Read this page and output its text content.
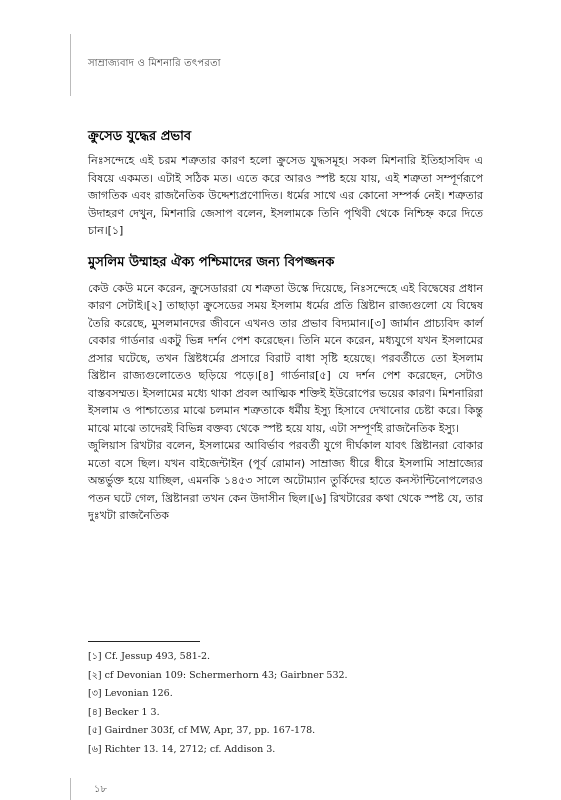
সাম্রাজ্যবাদ ও মিশনারি তৎপরতা
ক্রুসেড যুদ্ধের প্রভাব

নিঃসন্দেহে এই চরম শত্রুতার কারণ হলো ক্রুসেড যুদ্ধসমূহ। সকল মিশনারি ইতিহাসবিদ এ বিষয়ে একমত। এটাই সঠিক মত। এতে করে আরও স্পষ্ট হয়ে যায়, এই শত্রুতা সম্পূর্ণরূপে জাগতিক এবং রাজনৈতিক উদ্দেশ্যপ্রণোদিত। ধর্মের সাথে এর কোনো সম্পর্ক নেই। শত্রুতার উদাহরণ দেখুন, মিশনারি জেসাপ বলেন, ইসলামকে তিনি পৃথিবী থেকে নিশ্চিহ্ন করে দিতে চান।[১]

মুসলিম উম্মাহর ঐক্য পশ্চিমাদের জন্য বিপজ্জনক

কেউ কেউ মনে করেন, ক্রুসেডাররা যে শত্রুতা উস্কে দিয়েছে, নিঃসন্দেহে এই বিদ্বেষের প্রধান কারণ সেটাই।[২] তাছাড়া ক্রুসেডের সময় ইসলাম ধর্মের প্রতি খ্রিষ্টান রাজ্যগুলো যে বিদ্বেষ তৈরি করেছে, মুসলমানদের জীবনে এখনও তার প্রভাব বিদ্যমান।[৩] জার্মান প্রাচ্যবিদ কার্ল বেকার গার্ডনার একটু ভিন্ন দর্শন পেশ করেছেন। তিনি মনে করেন, মধ্যযুগে যখন ইসলামের প্রসার ঘটেছে, তখন খ্রিষ্টধর্মের প্রসারে বিরাট বাধা সৃষ্টি হয়েছে। পরবর্তীতে তো ইসলাম খ্রিষ্টান রাজ্যগুলোতেও ছড়িয়ে পড়ে।[৪] গার্ডনার[৫] যে দর্শন পেশ করেছেন, সেটাও বাস্তবসম্মত। ইসলামের মধ্যে থাকা প্রবল আত্মিক শক্তিই ইউরোপের ভয়ের কারণ। মিশনারিরা ইসলাম ও পাশ্চাত্যের মাঝে চলমান শত্রুতাকে ধর্মীয় ইস্যু হিসাবে দেখানোর চেষ্টা করে। কিন্তু মাঝে মাঝে তাদেরই বিভিন্ন বক্তব্য থেকে স্পষ্ট হয়ে যায়, এটা সম্পূর্ণই রাজনৈতিক ইস্যু।

জুলিয়াস রিখটার বলেন, ইসলামের আবির্ভাব পরবর্তী যুগে দীর্ঘকাল যাবৎ খ্রিষ্টানরা বোকার মতো বসে ছিল। যখন বাইজেন্টাইন (পূর্ব রোমান) সাম্রাজ্য ধীরে ধীরে ইসলামি সাম্রাজ্যের অন্তর্ভুক্ত হয়ে যাচ্ছিল, এমনকি ১৪৫৩ সালে অটোম্যান তুর্কিদের হাতে কনস্টান্টিনোপলেরও পতন ঘটে গেল, খ্রিষ্টানরা তখন কেন উদাসীন ছিল।[৬] রিখটারের কথা থেকে স্পষ্ট যে, তার দুঃখটা রাজনৈতিক

[১] Cf. Jessup 493, 581-2.
[২] cf Devonian 109: Schermerhorn 43; Gairbner 532.
[৩] Levonian 126.
[৪] Becker 1 3.
[৫] Gairdner 303f, cf MW, Apr, 37, pp. 167-178.
[৬] Richter 13. 14, 2712; cf. Addison 3.
১৮
